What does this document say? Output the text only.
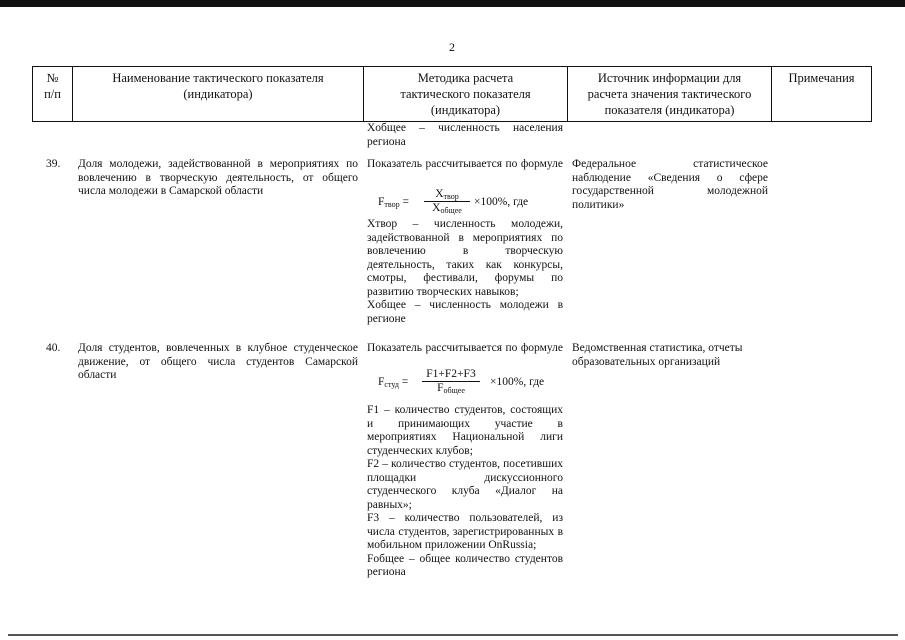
2
№
п/п
Наименование тактического показателя
(индикатора)
Методика расчета
тактического показателя
(индикатора)
Источник информации для
расчета значения тактического
показателя (индикатора)
Примечания
Xобщее – численность населения региона
39. Доля молодежи, задействованной в мероприятиях по вовлечению в творческую деятельность, от общего числа молодежи в Самарской области
Показатель рассчитывается по формуле
$F_{твор}$ =
$X_{твор}$
$X_{общее}$
×100%, где
Xтвор – численность молодежи, задействованной в мероприятиях по вовлечению в творческую деятельность, таких как конкурсы, смотры, фестивали, форумы по развитию творческих навыков;
Xобщее – численность молодежи в регионе
Федеральное статистическое наблюдение «Сведения о сфере государственной молодежной политики»
40. Доля студентов, вовлеченных в клубное студенческое движение, от общего числа студентов Самарской области
Показатель рассчитывается по формуле
$F_{студ}$ =
F1+F2+F3
$F_{общее}$
×100%, где
F1 – количество студентов, состоящих и принимающих участие в мероприятиях Национальной лиги студенческих клубов;
F2 – количество студентов, посетивших площадки дискуссионного студенческого клуба «Диалог на равных»;
F3 – количество пользователей, из числа студентов, зарегистрированных в мобильном приложении OnRussia;
Fобщее – общее количество студентов региона
Ведомственная статистика, отчеты образовательных организаций
